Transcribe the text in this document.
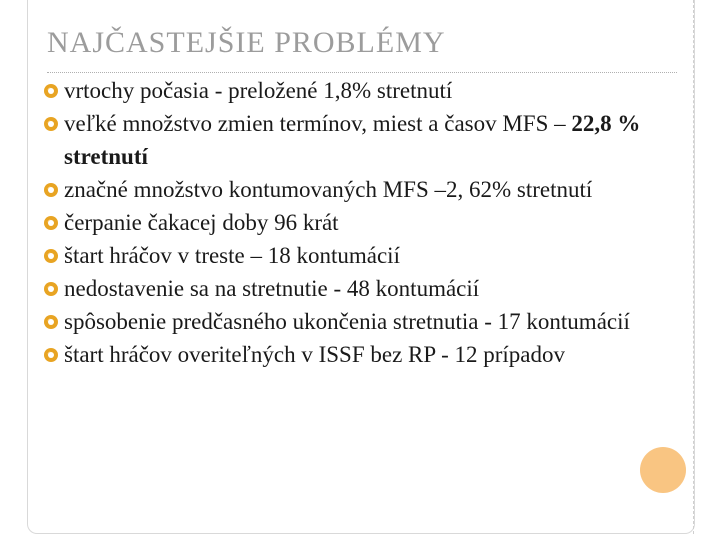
NAJČASTEJŠIE PROBLÉMY
vrtochy počasia - preložené 1,8% stretnutí
veľké množstvo zmien termínov, miest a časov MFS – 22,8 % stretnutí
značné množstvo kontumovaných MFS –2, 62% stretnutí
čerpanie čakacej doby 96 krát
štart hráčov v treste – 18 kontumácií
nedostavenie sa na stretnutie - 48 kontumácií
spôsobenie predčasného ukončenia stretnutia - 17 kontumácií
štart hráčov overiteľných v ISSF bez RP - 12 prípadov
